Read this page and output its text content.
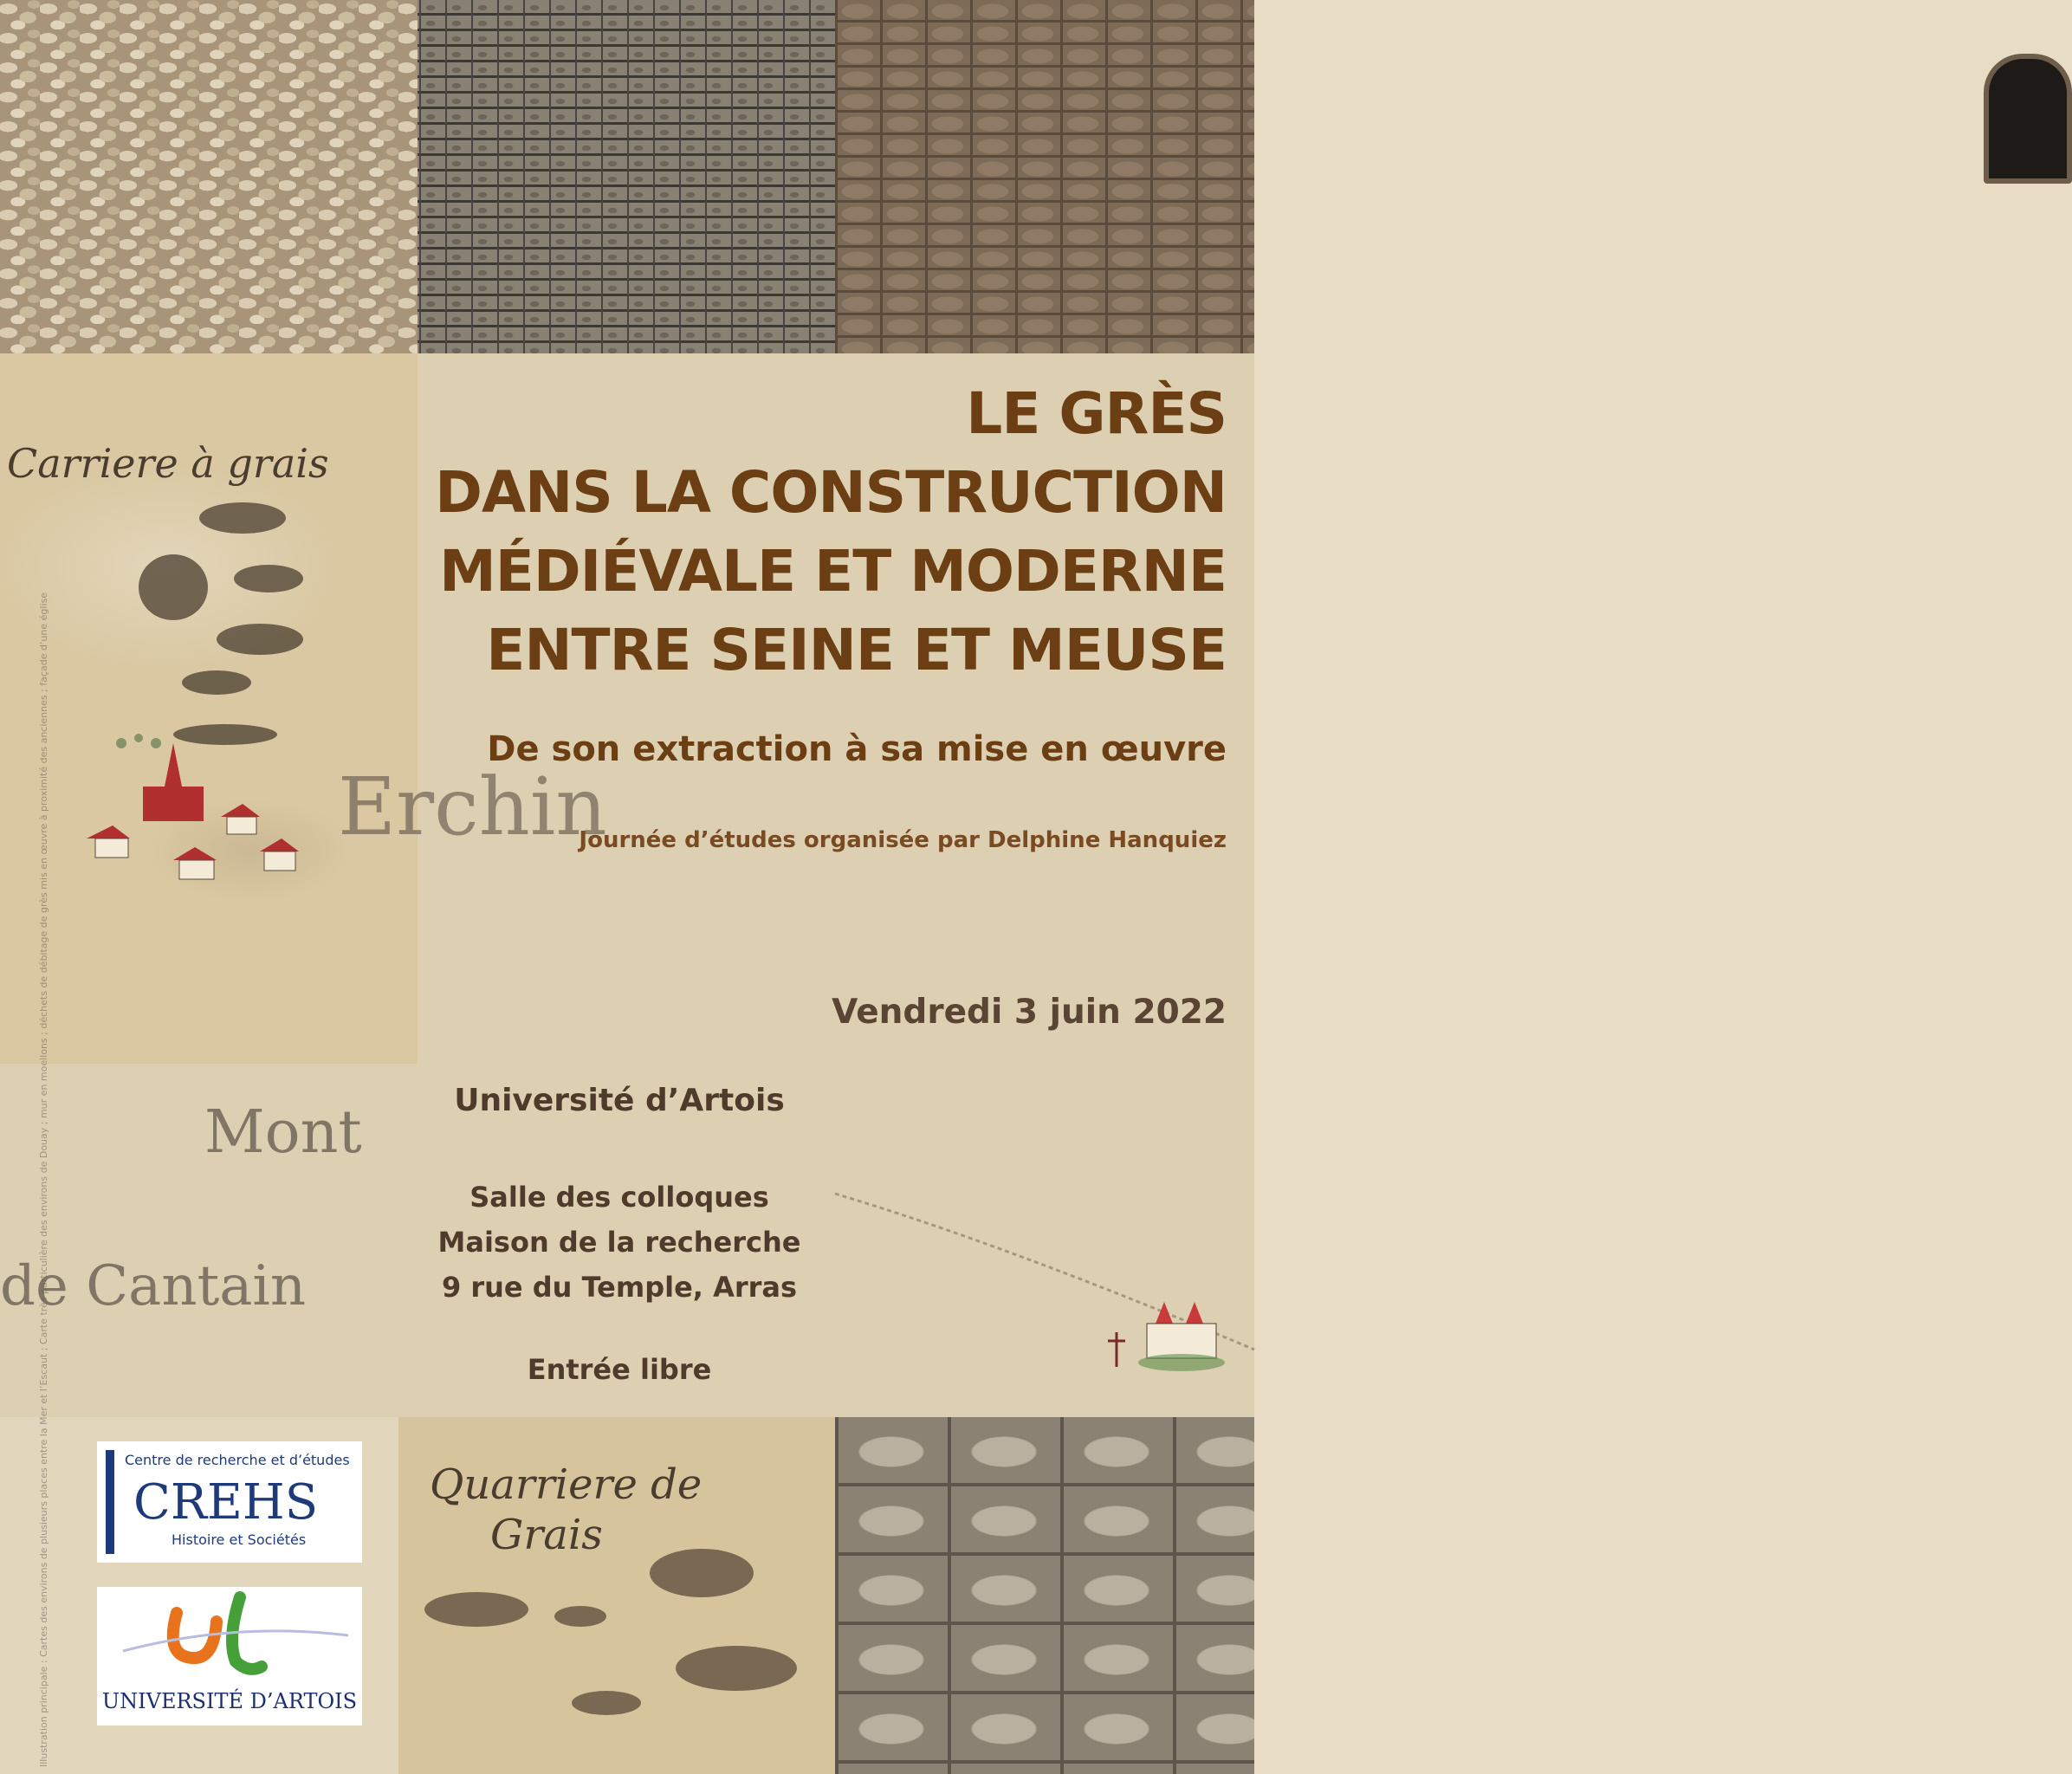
Carriere à grais
Erchin
Mont
de Cantain
Quarriere de
Grais
LE GRÈS
DANS LA CONSTRUCTION
MÉDIÉVALE ET MODERNE
ENTRE SEINE ET MEUSE
De son extraction à sa mise en œuvre
Journée d’études organisée par Delphine Hanquiez
Vendredi 3 juin 2022
Université d’Artois
Salle des colloques
Maison de la recherche
9 rue du Temple, Arras
Entrée libre
Centre de recherche et d’études
CREHS
Histoire et Sociétés
UNIVERSITÉ D’ARTOIS
Illustration principale : Cartes des environs de plusieurs places entre la Mer et l’Escaut ; Carte très particulière des environs de Douay ; mur en moellons ; déchets de débitage de grès mis en œuvre à proximité des anciennes ; façade d’une église
